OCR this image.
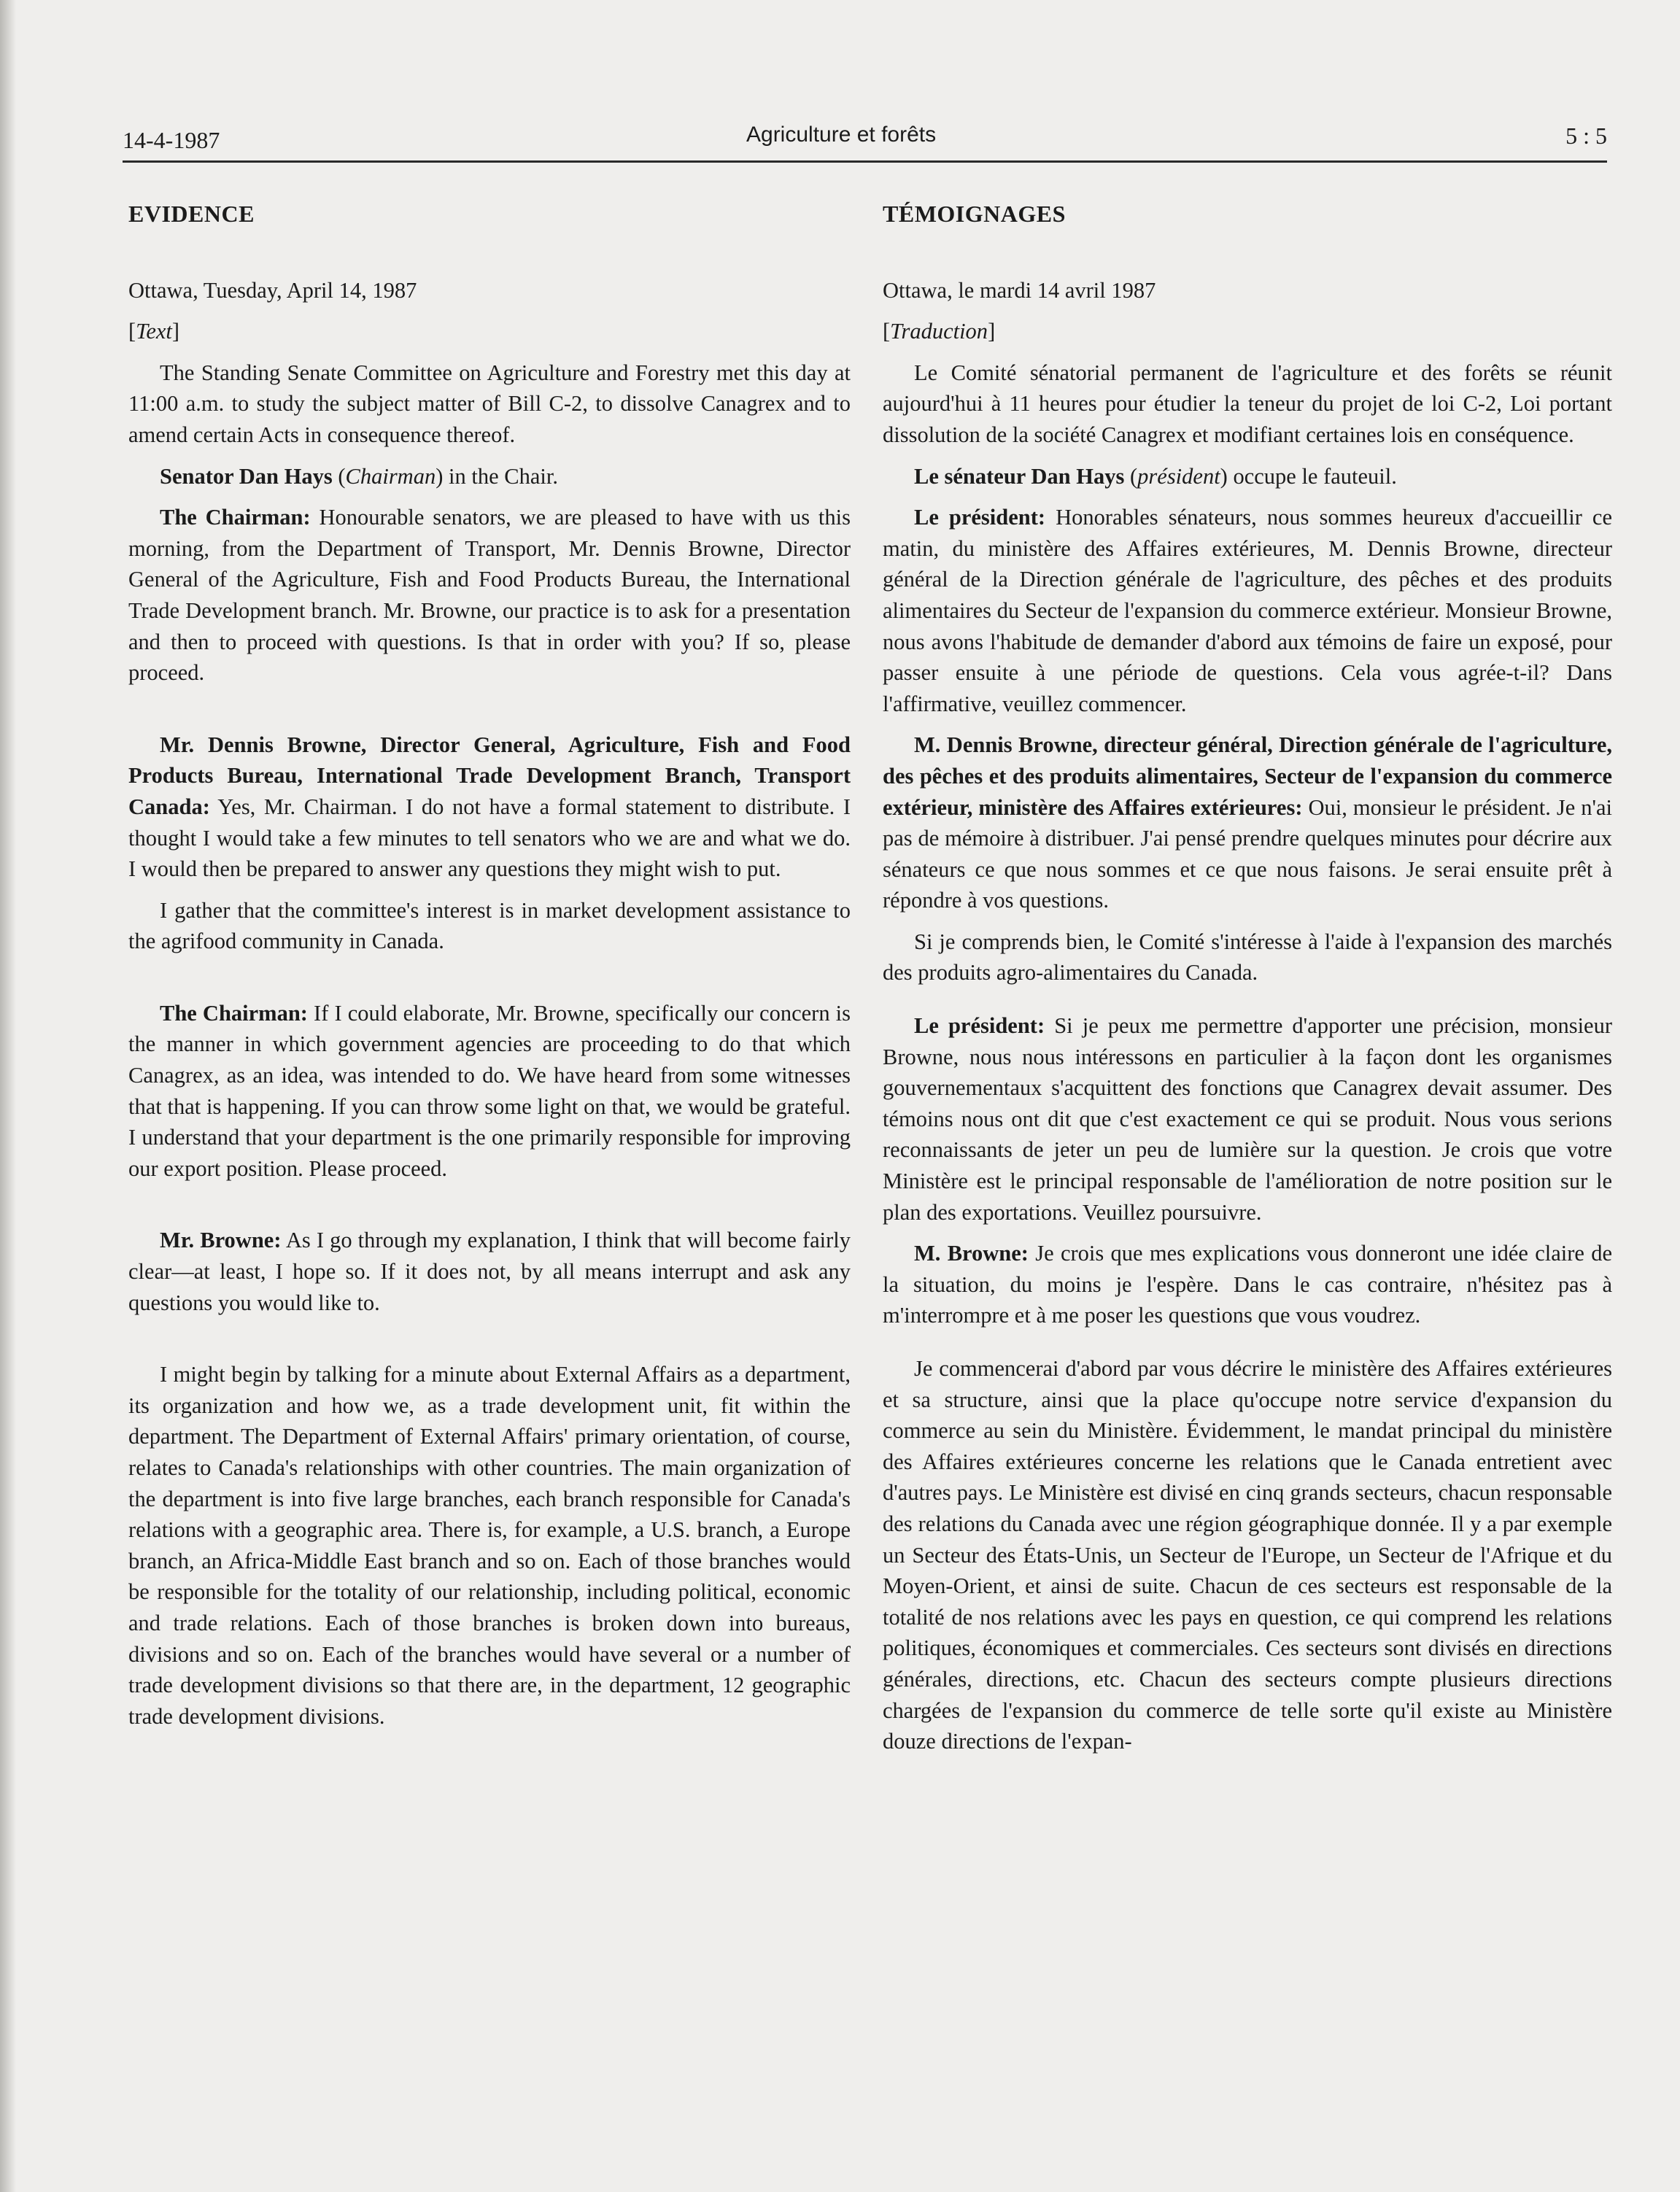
14-4-1987	Agriculture et forêts	5 : 5
EVIDENCE

Ottawa, Tuesday, April 14, 1987

[Text]

The Standing Senate Committee on Agriculture and Forestry met this day at 11:00 a.m. to study the subject matter of Bill C-2, to dissolve Canagrex and to amend certain Acts in consequence thereof.

Senator Dan Hays (Chairman) in the Chair.

The Chairman: Honourable senators, we are pleased to have with us this morning, from the Department of Transport, Mr. Dennis Browne, Director General of the Agriculture, Fish and Food Products Bureau, the International Trade Development branch. Mr. Browne, our practice is to ask for a presentation and then to proceed with questions. Is that in order with you? If so, please proceed.

Mr. Dennis Browne, Director General, Agriculture, Fish and Food Products Bureau, International Trade Development Branch, Transport Canada: Yes, Mr. Chairman. I do not have a formal statement to distribute. I thought I would take a few minutes to tell senators who we are and what we do. I would then be prepared to answer any questions they might wish to put.

I gather that the committee's interest is in market development assistance to the agrifood community in Canada.

The Chairman: If I could elaborate, Mr. Browne, specifically our concern is the manner in which government agencies are proceeding to do that which Canagrex, as an idea, was intended to do. We have heard from some witnesses that that is happening. If you can throw some light on that, we would be grateful. I understand that your department is the one primarily responsible for improving our export position. Please proceed.

Mr. Browne: As I go through my explanation, I think that will become fairly clear—at least, I hope so. If it does not, by all means interrupt and ask any questions you would like to.

I might begin by talking for a minute about External Affairs as a department, its organization and how we, as a trade development unit, fit within the department. The Department of External Affairs' primary orientation, of course, relates to Canada's relationships with other countries. The main organization of the department is into five large branches, each branch responsible for Canada's relations with a geographic area. There is, for example, a U.S. branch, a Europe branch, an Africa-Middle East branch and so on. Each of those branches would be responsible for the totality of our relationship, including political, economic and trade relations. Each of those branches is broken down into bureaus, divisions and so on. Each of the branches would have several or a number of trade development divisions so that there are, in the department, 12 geographic trade development divisions.

TÉMOIGNAGES

Ottawa, le mardi 14 avril 1987

[Traduction]

Le Comité sénatorial permanent de l'agriculture et des forêts se réunit aujourd'hui à 11 heures pour étudier la teneur du projet de loi C-2, Loi portant dissolution de la société Canagrex et modifiant certaines lois en conséquence.

Le sénateur Dan Hays (président) occupe le fauteuil.

Le président: Honorables sénateurs, nous sommes heureux d'accueillir ce matin, du ministère des Affaires extérieures, M. Dennis Browne, directeur général de la Direction générale de l'agriculture, des pêches et des produits alimentaires du Secteur de l'expansion du commerce extérieur. Monsieur Browne, nous avons l'habitude de demander d'abord aux témoins de faire un exposé, pour passer ensuite à une période de questions. Cela vous agrée-t-il? Dans l'affirmative, veuillez commencer.

M. Dennis Browne, directeur général, Direction générale de l'agriculture, des pêches et des produits alimentaires, Secteur de l'expansion du commerce extérieur, ministère des Affaires extérieures: Oui, monsieur le président. Je n'ai pas de mémoire à distribuer. J'ai pensé prendre quelques minutes pour décrire aux sénateurs ce que nous sommes et ce que nous faisons. Je serai ensuite prêt à répondre à vos questions.

Si je comprends bien, le Comité s'intéresse à l'aide à l'expansion des marchés des produits agro-alimentaires du Canada.

Le président: Si je peux me permettre d'apporter une précision, monsieur Browne, nous nous intéressons en particulier à la façon dont les organismes gouvernementaux s'acquittent des fonctions que Canagrex devait assumer. Des témoins nous ont dit que c'est exactement ce qui se produit. Nous vous serions reconnaissants de jeter un peu de lumière sur la question. Je crois que votre Ministère est le principal responsable de l'amélioration de notre position sur le plan des exportations. Veuillez poursuivre.

M. Browne: Je crois que mes explications vous donneront une idée claire de la situation, du moins je l'espère. Dans le cas contraire, n'hésitez pas à m'interrompre et à me poser les questions que vous voudrez.

Je commencerai d'abord par vous décrire le ministère des Affaires extérieures et sa structure, ainsi que la place qu'occupe notre service d'expansion du commerce au sein du Ministère. Évidemment, le mandat principal du ministère des Affaires extérieures concerne les relations que le Canada entretient avec d'autres pays. Le Ministère est divisé en cinq grands secteurs, chacun responsable des relations du Canada avec une région géographique donnée. Il y a par exemple un Secteur des États-Unis, un Secteur de l'Europe, un Secteur de l'Afrique et du Moyen-Orient, et ainsi de suite. Chacun de ces secteurs est responsable de la totalité de nos relations avec les pays en question, ce qui comprend les relations politiques, économiques et commerciales. Ces secteurs sont divisés en directions générales, directions, etc. Chacun des secteurs compte plusieurs directions chargées de l'expansion du commerce de telle sorte qu'il existe au Ministère douze directions de l'expan-
